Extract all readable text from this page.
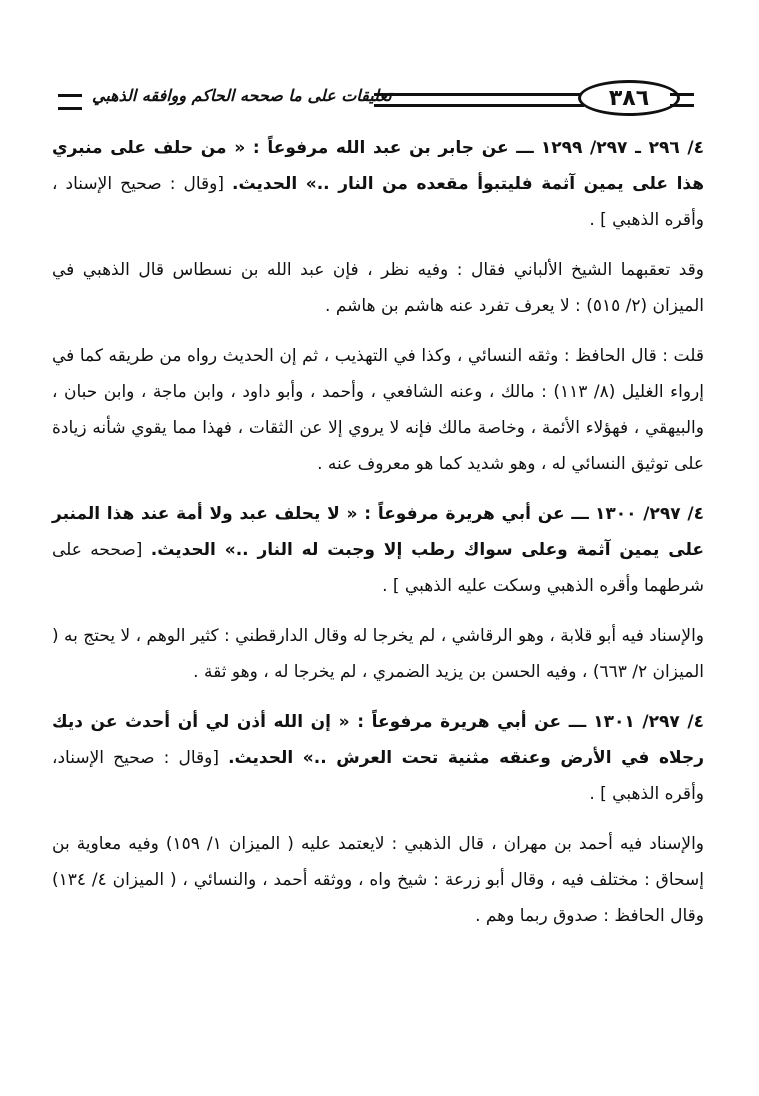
تعليقات على ما صححه الحاكم ووافقه الذهبي	٣٨٦

٤/ ٢٩٦ ـ ٢٩٧/ ١٢٩٩ ـــ عن جابر بن عبد الله مرفوعاً : « من حلف على منبري هذا على يمين آثمة فليتبوأ مقعده من النار ..» الحديث. [وقال : صحيح الإسناد ، وأقره الذهبي ] .

وقد تعقبهما الشيخ الألباني فقال : وفيه نظر ، فإن عبد الله بن نسطاس قال الذهبي في الميزان (٢/ ٥١٥) : لا يعرف تفرد عنه هاشم بن هاشم .

قلت : قال الحافظ : وثقه النسائي ، وكذا في التهذيب ، ثم إن الحديث رواه من طريقه كما في إرواء الغليل (٨/ ١١٣) : مالك ، وعنه الشافعي ، وأحمد ، وأبو داود ، وابن ماجة ، وابن حبان ، والبيهقي ، فهؤلاء الأئمة ، وخاصة مالك فإنه لا يروي إلا عن الثقات ، فهذا مما يقوي شأنه زيادة على توثيق النسائي له ، وهو شديد كما هو معروف عنه .

٤/ ٢٩٧/ ١٣٠٠ ـــ عن أبي هريرة مرفوعاً : « لا يحلف عبد ولا أمة عند هذا المنبر على يمين آثمة وعلى سواك رطب إلا وجبت له النار ..» الحديث. [صححه على شرطهما وأقره الذهبي وسكت عليه الذهبي ] .

والإسناد فيه أبو قلابة ، وهو الرقاشي ، لم يخرجا له وقال الدارقطني : كثير الوهم ، لا يحتج به ( الميزان ٢/ ٦٦٣) ، وفيه الحسن بن يزيد الضمري ، لم يخرجا له ، وهو ثقة .

٤/ ٢٩٧/ ١٣٠١ ـــ عن أبي هريرة مرفوعاً : « إن الله أذن لي أن أحدث عن ديك رجلاه في الأرض وعنقه مثنية تحت العرش ..» الحديث. [وقال : صحيح الإسناد، وأقره الذهبي ] .

والإسناد فيه أحمد بن مهران ، قال الذهبي : لايعتمد عليه ( الميزان ١/ ١٥٩) وفيه معاوية بن إسحاق : مختلف فيه ، وقال أبو زرعة : شيخ واه ، ووثقه أحمد ، والنسائي ، ( الميزان ٤/ ١٣٤) وقال الحافظ : صدوق ربما وهم .
